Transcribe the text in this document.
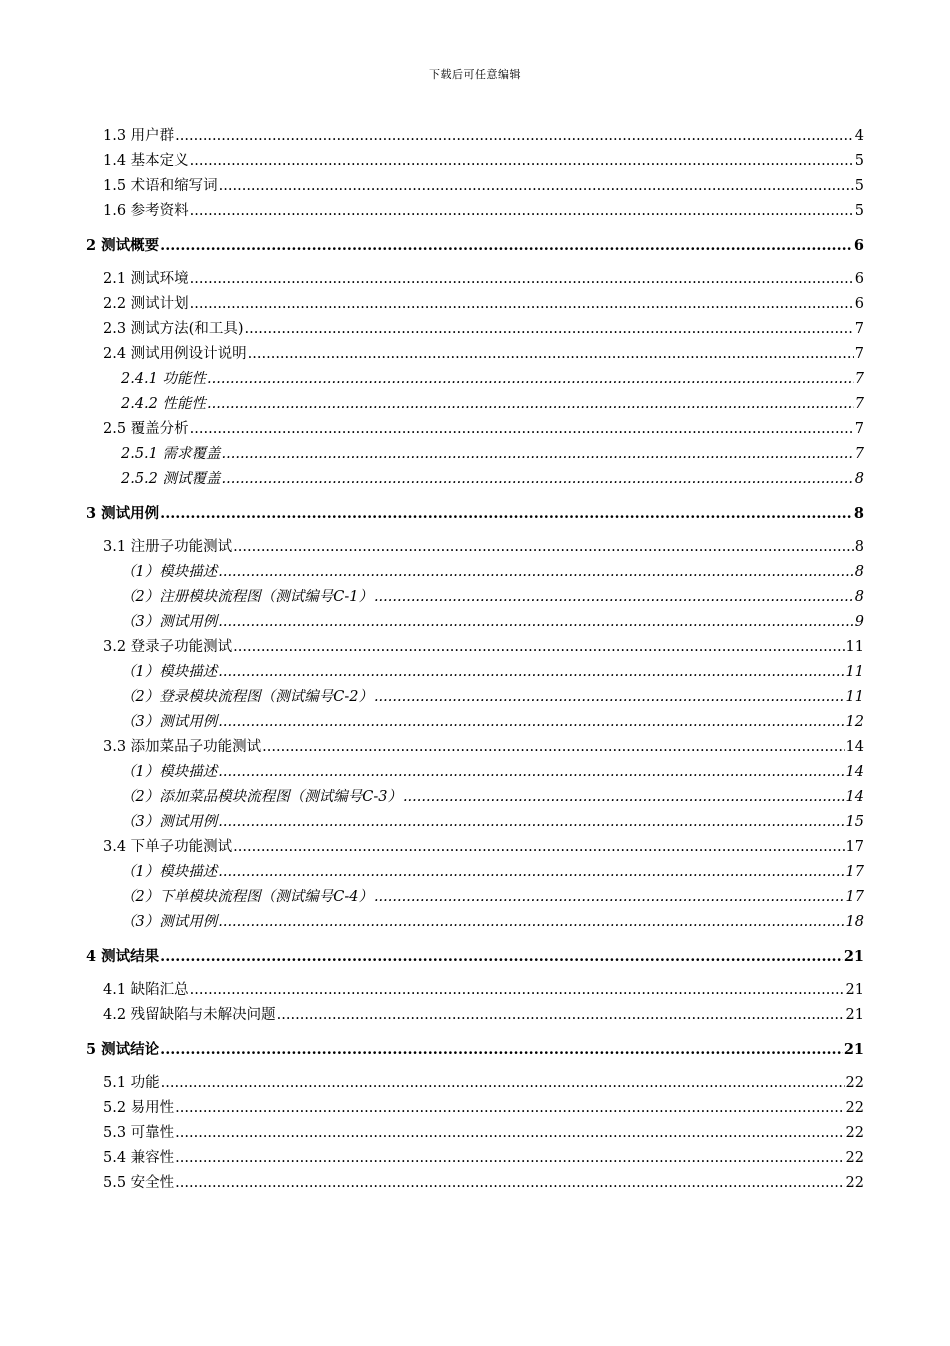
下载后可任意编辑
1.3 用户群 .....	4
1.4 基本定义 .....	5
1.5 术语和缩写词 .....	5
1.6 参考资料 .....	5
2 测试概要 .....	6
2.1 测试环境 .....	6
2.2 测试计划 .....	6
2.3 测试方法(和工具) .....	7
2.4 测试用例设计说明 .....	7
2.4.1 功能性 .....	7
2.4.2 性能性 .....	7
2.5 覆盖分析 .....	7
2.5.1 需求覆盖 .....	7
2.5.2 测试覆盖 .....	8
3 测试用例 .....	8
3.1 注册子功能测试 .....	8
（1）模块描述 .....	8
（2）注册模块流程图（测试编号C-1） .....	8
（3）测试用例 .....	9
3.2 登录子功能测试 .....	11
（1）模块描述 .....	11
（2）登录模块流程图（测试编号C-2） .....	11
（3）测试用例 .....	12
3.3 添加菜品子功能测试 .....	14
（1）模块描述 .....	14
（2）添加菜品模块流程图（测试编号C-3） .....	14
（3）测试用例 .....	15
3.4 下单子功能测试 .....	17
（1）模块描述 .....	17
（2）下单模块流程图（测试编号C-4） .....	17
（3）测试用例 .....	18
4 测试结果 .....	21
4.1 缺陷汇总 .....	21
4.2 残留缺陷与未解决问题 .....	21
5 测试结论 .....	21
5.1 功能 .....	22
5.2 易用性 .....	22
5.3 可靠性 .....	22
5.4 兼容性 .....	22
5.5 安全性 .....	22
